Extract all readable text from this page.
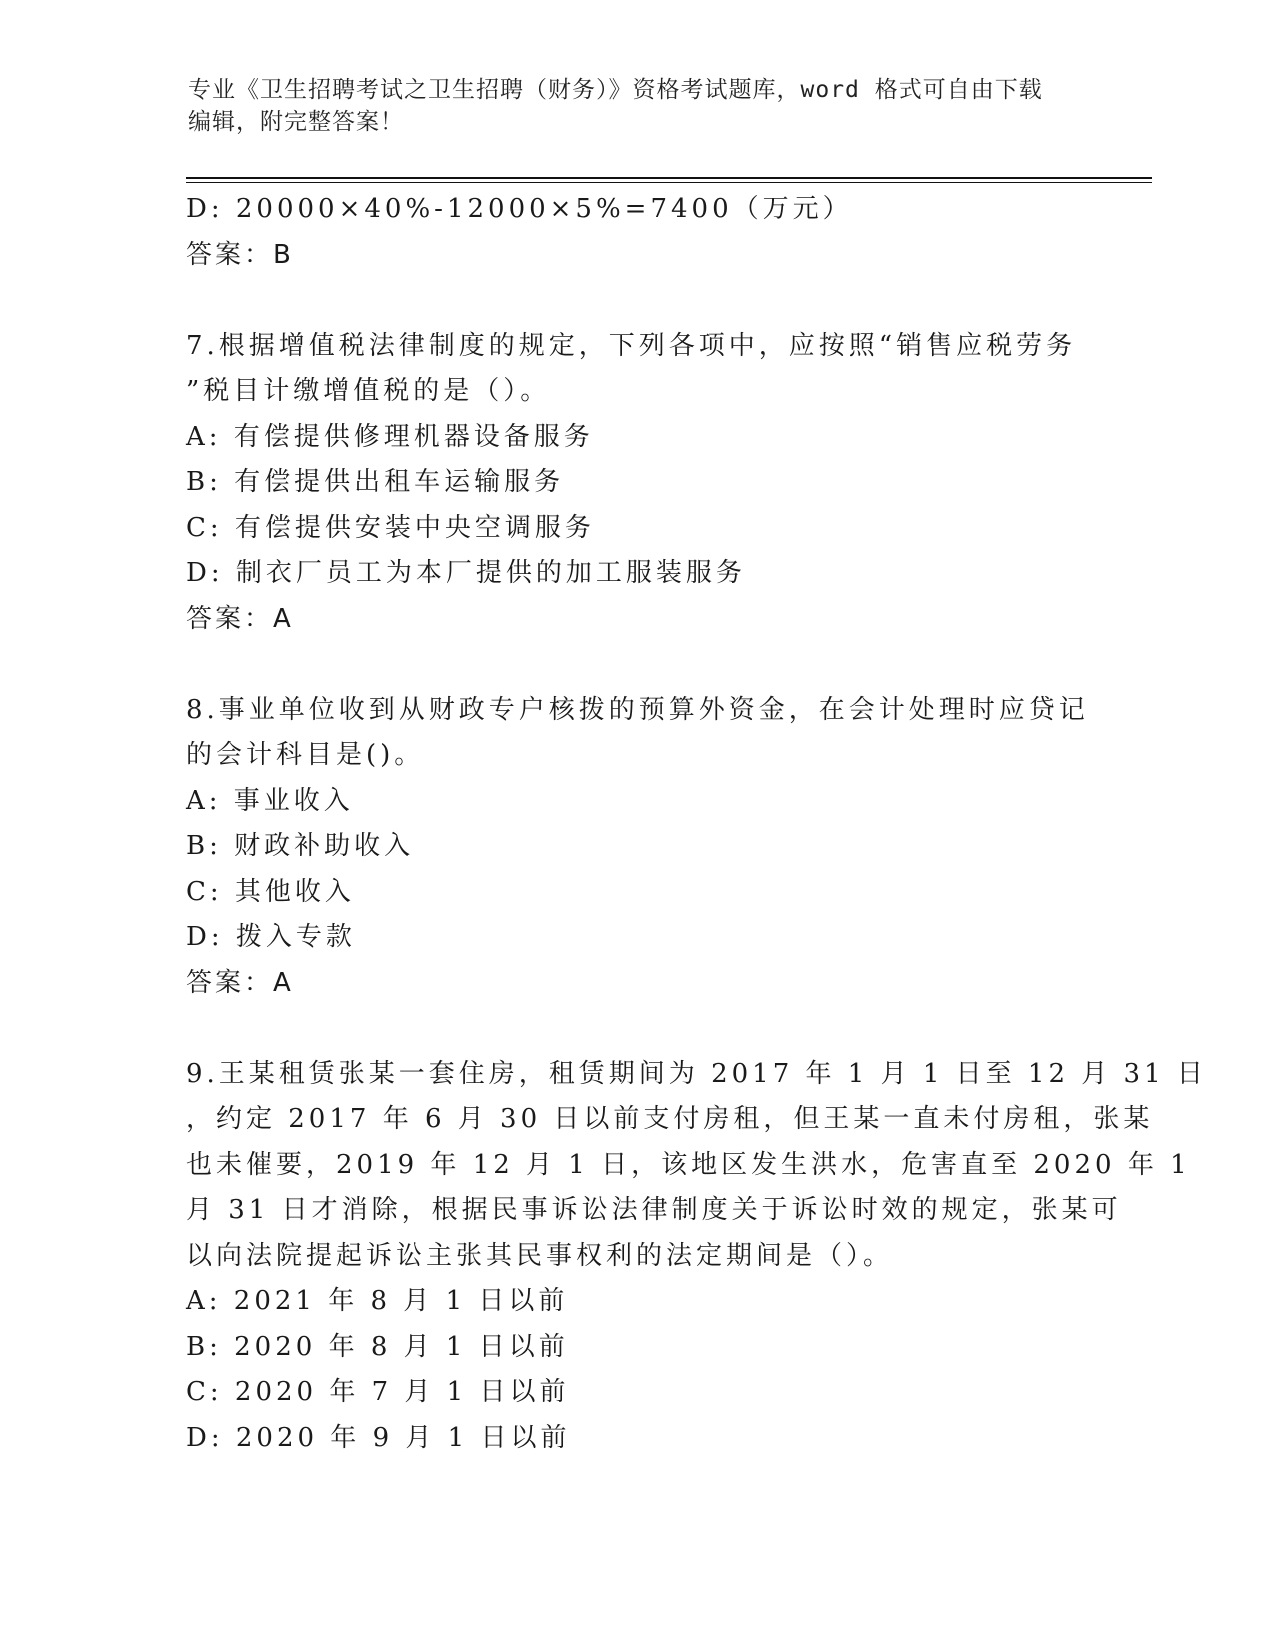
专业《卫生招聘考试之卫生招聘（财务）》资格考试题库，word 格式可自由下载
编辑，附完整答案！
D: 20000×40%-12000×5%=7400（万元）
答案：B
7.根据增值税法律制度的规定，下列各项中，应按照“销售应税劳务
”税目计缴增值税的是（）。
A: 有偿提供修理机器设备服务
B: 有偿提供出租车运输服务
C: 有偿提供安装中央空调服务
D: 制衣厂员工为本厂提供的加工服装服务
答案：A
8.事业单位收到从财政专户核拨的预算外资金，在会计处理时应贷记
的会计科目是()。
A: 事业收入
B: 财政补助收入
C: 其他收入
D: 拨入专款
答案：A
9.王某租赁张某一套住房，租赁期间为 2017 年 1 月 1 日至 12 月 31 日
，约定 2017 年 6 月 30 日以前支付房租，但王某一直未付房租，张某
也未催要，2019 年 12 月 1 日，该地区发生洪水，危害直至 2020 年 1
月 31 日才消除，根据民事诉讼法律制度关于诉讼时效的规定，张某可
以向法院提起诉讼主张其民事权利的法定期间是（）。
A: 2021 年 8 月 1 日以前
B: 2020 年 8 月 1 日以前
C: 2020 年 7 月 1 日以前
D: 2020 年 9 月 1 日以前
